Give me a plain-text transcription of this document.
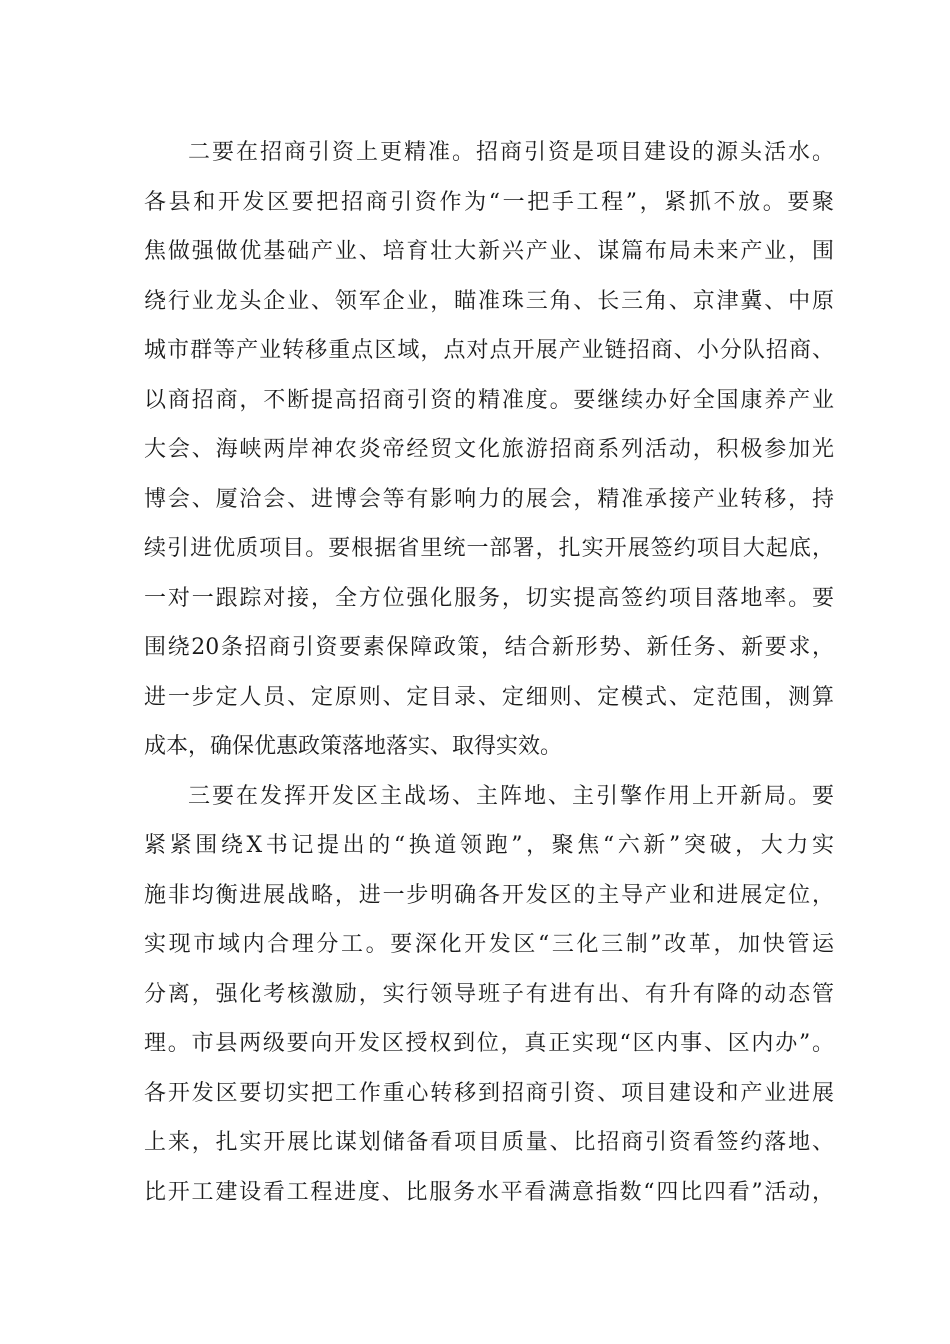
二要在招商引资上更精准。招商引资是项目建设的源头活水。
各县和开发区要把招商引资作为“一把手工程”，紧抓不放。要聚
焦做强做优基础产业、培育壮大新兴产业、谋篇布局未来产业，围
绕行业龙头企业、领军企业，瞄准珠三角、长三角、京津冀、中原
城市群等产业转移重点区域，点对点开展产业链招商、小分队招商、
以商招商，不断提高招商引资的精准度。要继续办好全国康养产业
大会、海峡两岸神农炎帝经贸文化旅游招商系列活动，积极参加光
博会、厦洽会、进博会等有影响力的展会，精准承接产业转移，持
续引进优质项目。要根据省里统一部署，扎实开展签约项目大起底，
一对一跟踪对接，全方位强化服务，切实提高签约项目落地率。要
围绕20条招商引资要素保障政策，结合新形势、新任务、新要求，
进一步定人员、定原则、定目录、定细则、定模式、定范围，测算
成本，确保优惠政策落地落实、取得实效。
三要在发挥开发区主战场、主阵地、主引擎作用上开新局。要
紧紧围绕X书记提出的“换道领跑”，聚焦“六新”突破，大力实
施非均衡进展战略，进一步明确各开发区的主导产业和进展定位，
实现市域内合理分工。要深化开发区“三化三制”改革，加快管运
分离，强化考核激励，实行领导班子有进有出、有升有降的动态管
理。市县两级要向开发区授权到位，真正实现“区内事、区内办”。
各开发区要切实把工作重心转移到招商引资、项目建设和产业进展
上来，扎实开展比谋划储备看项目质量、比招商引资看签约落地、
比开工建设看工程进度、比服务水平看满意指数“四比四看”活动，
